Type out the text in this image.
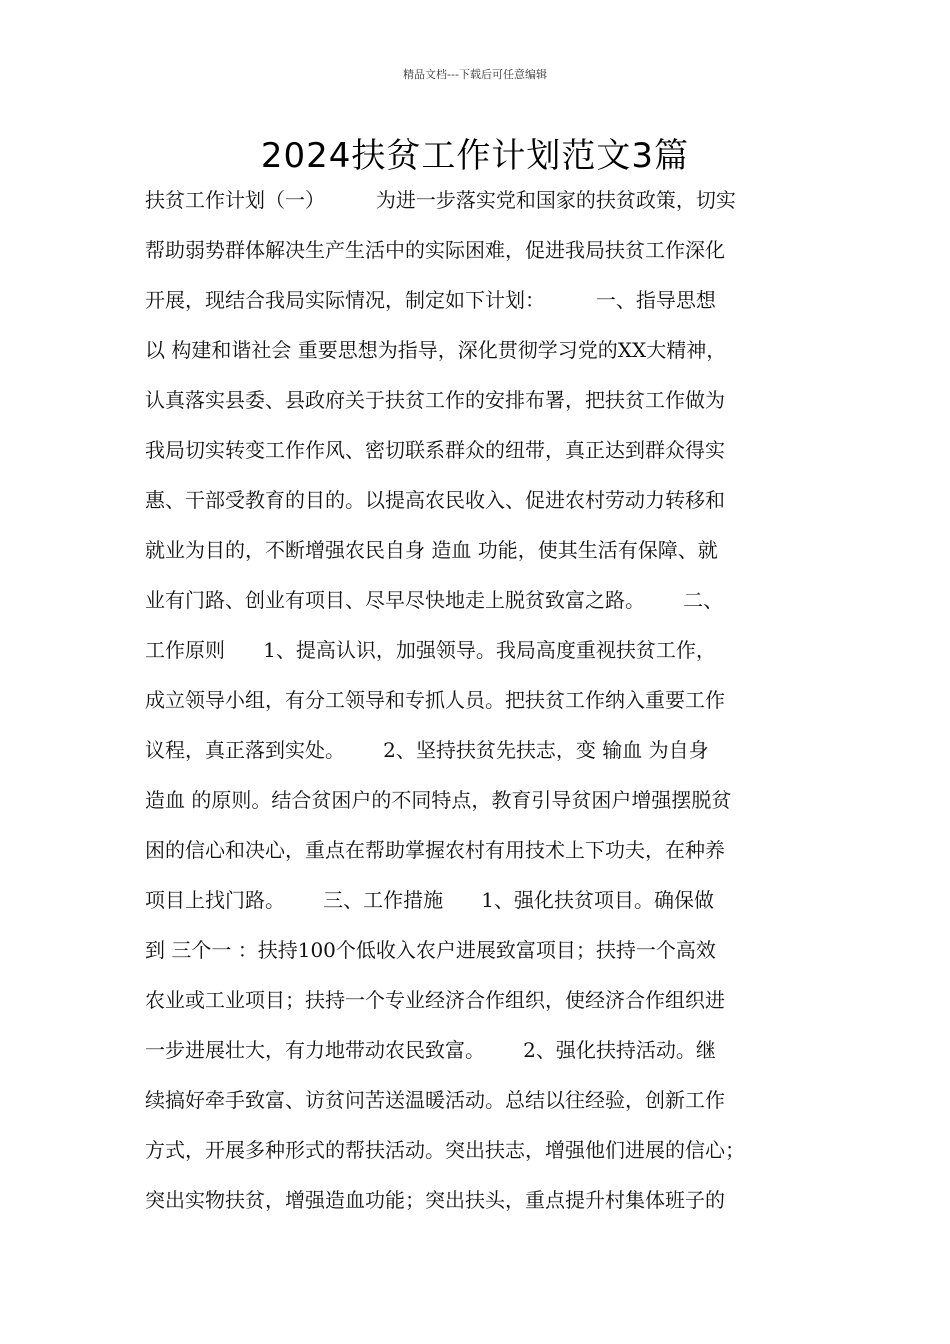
精品文档---下载后可任意编辑
2024扶贫工作计划范文3篇
扶贫工作计划（一）        为进一步落实党和国家的扶贫政策，切实
帮助弱势群体解决生产生活中的实际困难，促进我局扶贫工作深化
开展，现结合我局实际情况，制定如下计划：        一、指导思想
以 构建和谐社会 重要思想为指导，深化贯彻学习党的XX大精神，
认真落实县委、县政府关于扶贫工作的安排布署，把扶贫工作做为
我局切实转变工作作风、密切联系群众的纽带，真正达到群众得实
惠、干部受教育的目的。以提高农民收入、促进农村劳动力转移和
就业为目的，不断增强农民自身 造血 功能，使其生活有保障、就
业有门路、创业有项目、尽早尽快地走上脱贫致富之路。      二、
工作原则      1、提高认识，加强领导。我局高度重视扶贫工作，
成立领导小组，有分工领导和专抓人员。把扶贫工作纳入重要工作
议程，真正落到实处。      2、坚持扶贫先扶志，变 输血 为自身
造血 的原则。结合贫困户的不同特点，教育引导贫困户增强摆脱贫
困的信心和决心，重点在帮助掌握农村有用技术上下功夫，在种养
项目上找门路。      三、工作措施      1、强化扶贫项目。确保做
到 三个一 ：扶持100个低收入农户进展致富项目；扶持一个高效
农业或工业项目；扶持一个专业经济合作组织，使经济合作组织进
一步进展壮大，有力地带动农民致富。      2、强化扶持活动。继
续搞好牵手致富、访贫问苦送温暖活动。总结以往经验，创新工作
方式，开展多种形式的帮扶活动。突出扶志，增强他们进展的信心；
突出实物扶贫，增强造血功能；突出扶头，重点提升村集体班子的
